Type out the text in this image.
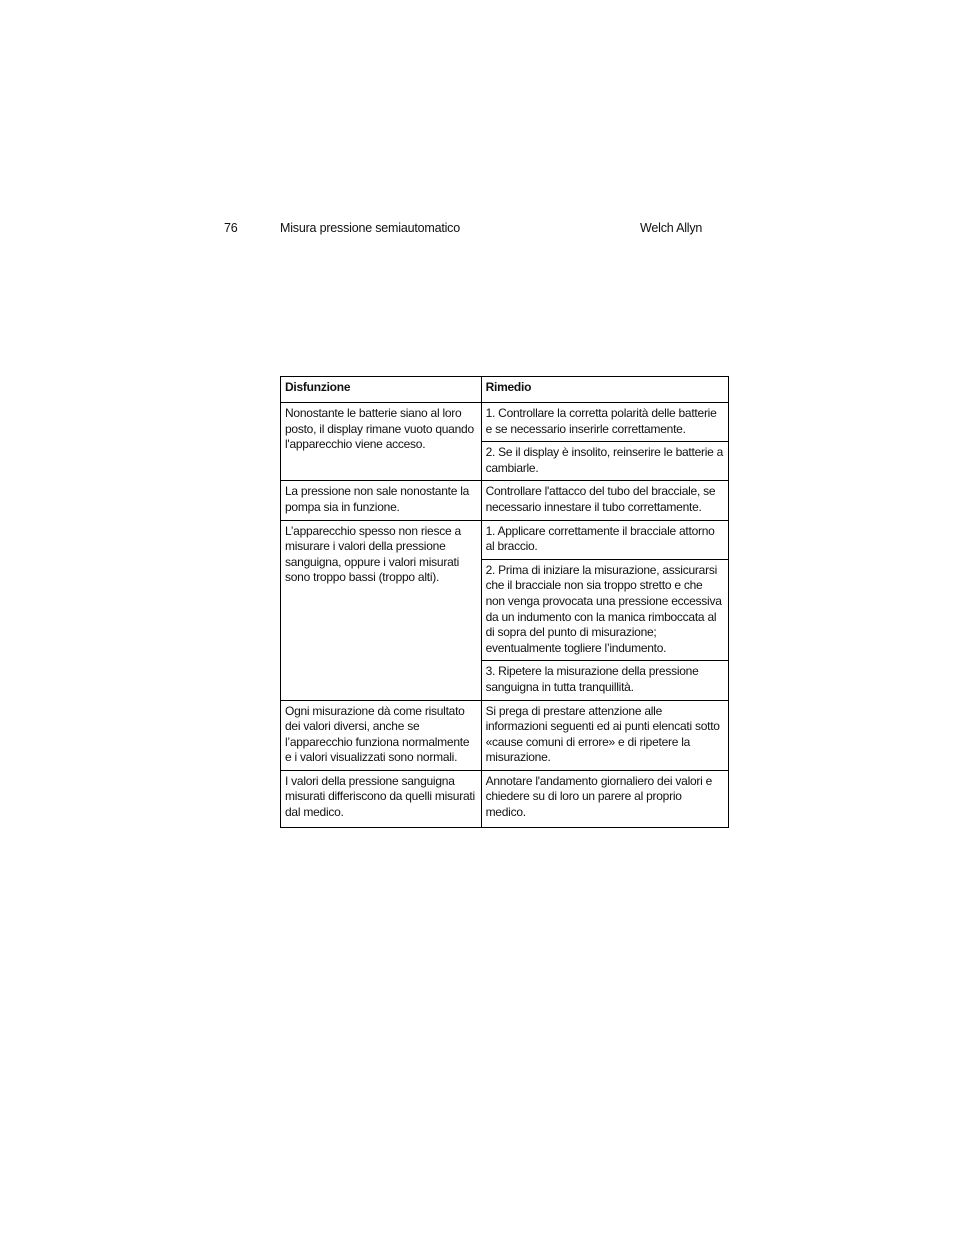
76	Misura pressione semiautomatico	Welch Allyn
Disfunzione	Rimedio
Nonostante le batterie siano al loro posto, il display rimane vuoto quando l'apparecchio viene acceso.	1. Controllare la corretta polarità delle batterie e se necessario inserirle correttamente.
	2. Se il display è insolito, reinserire le batterie a cambiarle.
La pressione non sale nonostante la pompa sia in funzione.	Controllare l'attacco del tubo del bracciale, se necessario innestare il tubo correttamente.
L’apparecchio spesso non riesce a misurare i valori della pressione sanguigna, oppure i valori misurati sono troppo bassi (troppo alti).	1. Applicare correttamente il bracciale attorno al braccio.
	2. Prima di iniziare la misurazione, assicurarsi che il bracciale non sia troppo stretto e che non venga provocata una pressione eccessiva da un indumento con la manica rimboccata al di sopra del punto di misurazione; eventualmente togliere l’indumento.
	3. Ripetere la misurazione della pressione sanguigna in tutta tranquillità.
Ogni misurazione dà come risultato dei valori diversi, anche se l’apparecchio funziona normalmente e i valori visualizzati sono normali.	Si prega di prestare attenzione alle informazioni seguenti ed ai punti elencati sotto «cause comuni di errore» e di ripetere la misurazione.
I valori della pressione sanguigna misurati differiscono da quelli misurati dal medico.	Annotare l'andamento giornaliero dei valori e chiedere su di loro un parere al proprio medico.
